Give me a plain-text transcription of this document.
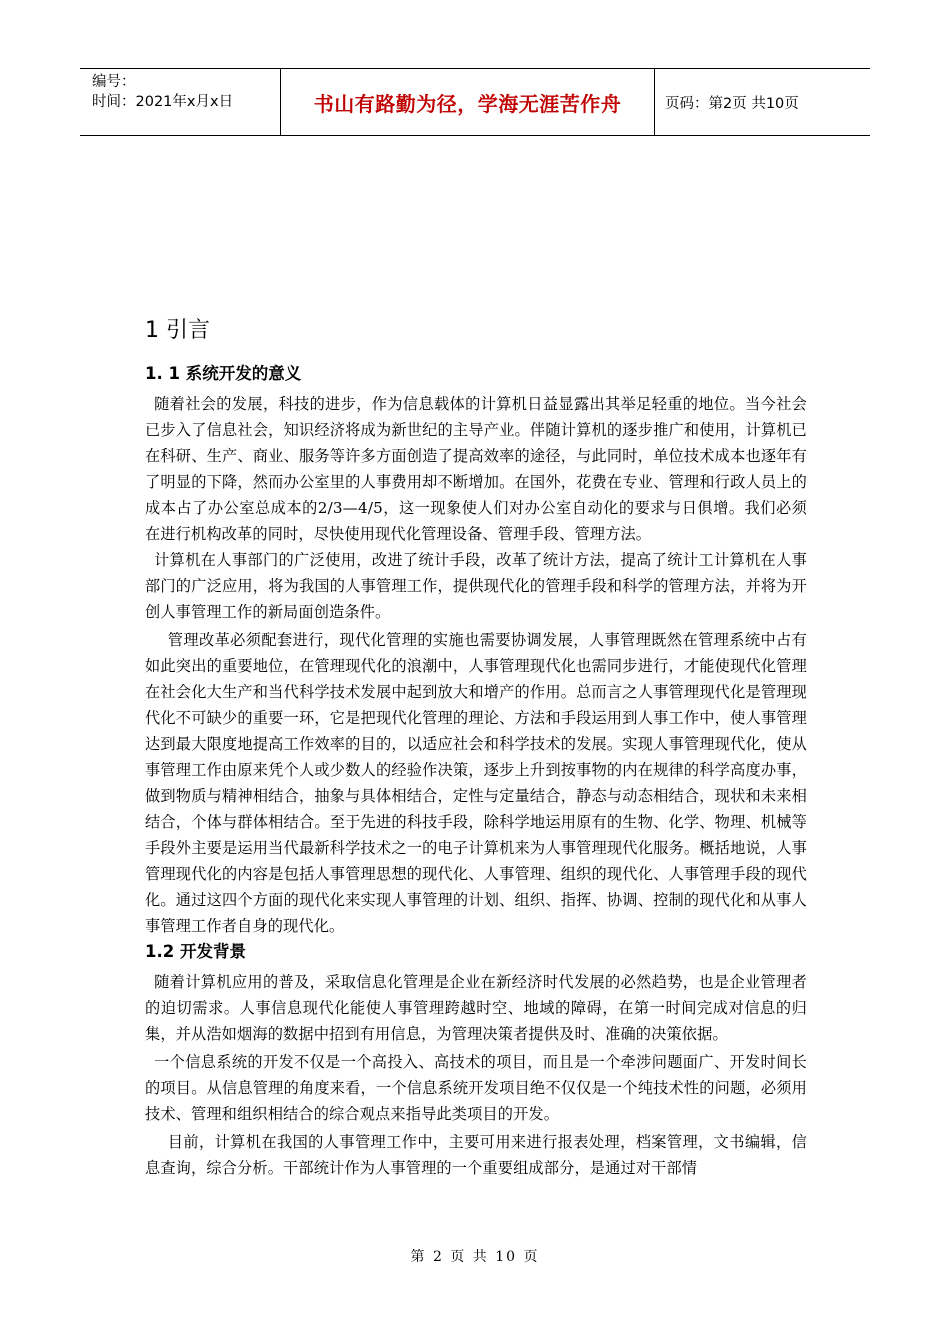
编号：
时间：2021年x月x日	书山有路勤为径，学海无涯苦作舟	页码：第2页 共10页
1 引言
1. 1 系统开发的意义

随着社会的发展，科技的进步，作为信息载体的计算机日益显露出其举足轻重的地位。当今社会已步入了信息社会，知识经济将成为新世纪的主导产业。伴随计算机的逐步推广和使用，计算机已在科研、生产、商业、服务等许多方面创造了提高效率的途径，与此同时，单位技术成本也逐年有了明显的下降，然而办公室里的人事费用却不断增加。在国外，花费在专业、管理和行政人员上的成本占了办公室总成本的2/3—4/5，这一现象使人们对办公室自动化的要求与日俱增。我们必须在进行机构改革的同时，尽快使用现代化管理设备、管理手段、管理方法。

计算机在人事部门的广泛使用，改进了统计手段，改革了统计方法，提高了统计工计算机在人事部门的广泛应用，将为我国的人事管理工作，提供现代化的管理手段和科学的管理方法，并将为开创人事管理工作的新局面创造条件。

管理改革必须配套进行，现代化管理的实施也需要协调发展，人事管理既然在管理系统中占有如此突出的重要地位，在管理现代化的浪潮中，人事管理现代化也需同步进行，才能使现代化管理在社会化大生产和当代科学技术发展中起到放大和增产的作用。总而言之人事管理现代化是管理现代化不可缺少的重要一环，它是把现代化管理的理论、方法和手段运用到人事工作中，使人事管理达到最大限度地提高工作效率的目的，以适应社会和科学技术的发展。实现人事管理现代化，使从事管理工作由原来凭个人或少数人的经验作决策，逐步上升到按事物的内在规律的科学高度办事，做到物质与精神相结合，抽象与具体相结合，定性与定量结合，静态与动态相结合，现状和未来相结合，个体与群体相结合。至于先进的科技手段，除科学地运用原有的生物、化学、物理、机械等手段外主要是运用当代最新科学技术之一的电子计算机来为人事管理现代化服务。概括地说，人事管理现代化的内容是包括人事管理思想的现代化、人事管理、组织的现代化、人事管理手段的现代化。通过这四个方面的现代化来实现人事管理的计划、组织、指挥、协调、控制的现代化和从事人事管理工作者自身的现代化。

1.2 开发背景

随着计算机应用的普及，采取信息化管理是企业在新经济时代发展的必然趋势，也是企业管理者的迫切需求。人事信息现代化能使人事管理跨越时空、地域的障碍，在第一时间完成对信息的归集，并从浩如烟海的数据中招到有用信息，为管理决策者提供及时、准确的决策依据。

一个信息系统的开发不仅是一个高投入、高技术的项目，而且是一个牵涉问题面广、开发时间长的项目。从信息管理的角度来看，一个信息系统开发项目绝不仅仅是一个纯技术性的问题，必须用技术、管理和组织相结合的综合观点来指导此类项目的开发。

目前，计算机在我国的人事管理工作中，主要可用来进行报表处理，档案管理，文书编辑，信息查询，综合分析。干部统计作为人事管理的一个重要组成部分，是通过对干部情

第 2 页 共 10 页
